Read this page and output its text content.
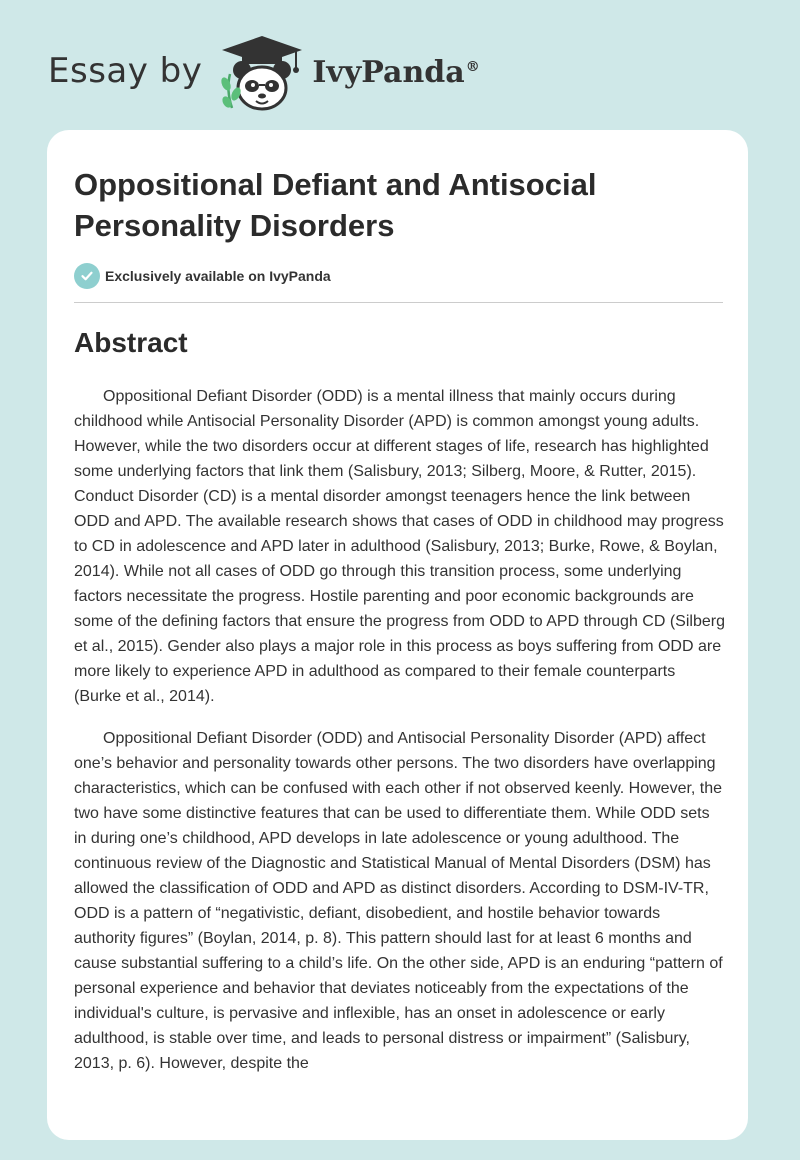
Essay by	IvyPanda®
Oppositional Defiant and Antisocial Personality Disorders
Exclusively available on IvyPanda
Abstract

Oppositional Defiant Disorder (ODD) is a mental illness that mainly occurs during childhood while Antisocial Personality Disorder (APD) is common amongst young adults. However, while the two disorders occur at different stages of life, research has highlighted some underlying factors that link them (Salisbury, 2013; Silberg, Moore, & Rutter, 2015). Conduct Disorder (CD) is a mental disorder amongst teenagers hence the link between ODD and APD. The available research shows that cases of ODD in childhood may progress to CD in adolescence and APD later in adulthood (Salisbury, 2013; Burke, Rowe, & Boylan, 2014). While not all cases of ODD go through this transition process, some underlying factors necessitate the progress. Hostile parenting and poor economic backgrounds are some of the defining factors that ensure the progress from ODD to APD through CD (Silberg et al., 2015). Gender also plays a major role in this process as boys suffering from ODD are more likely to experience APD in adulthood as compared to their female counterparts (Burke et al., 2014).

Oppositional Defiant Disorder (ODD) and Antisocial Personality Disorder (APD) affect one’s behavior and personality towards other persons. The two disorders have overlapping characteristics, which can be confused with each other if not observed keenly. However, the two have some distinctive features that can be used to differentiate them. While ODD sets in during one’s childhood, APD develops in late adolescence or young adulthood. The continuous review of the Diagnostic and Statistical Manual of Mental Disorders (DSM) has allowed the classification of ODD and APD as distinct disorders. According to DSM-IV-TR, ODD is a pattern of “negativistic, defiant, disobedient, and hostile behavior towards authority figures” (Boylan, 2014, p. 8). This pattern should last for at least 6 months and cause substantial suffering to a child’s life. On the other side, APD is an enduring “pattern of personal experience and behavior that deviates noticeably from the expectations of the individual's culture, is pervasive and inflexible, has an onset in adolescence or early adulthood, is stable over time, and leads to personal distress or impairment” (Salisbury, 2013, p. 6). However, despite the
